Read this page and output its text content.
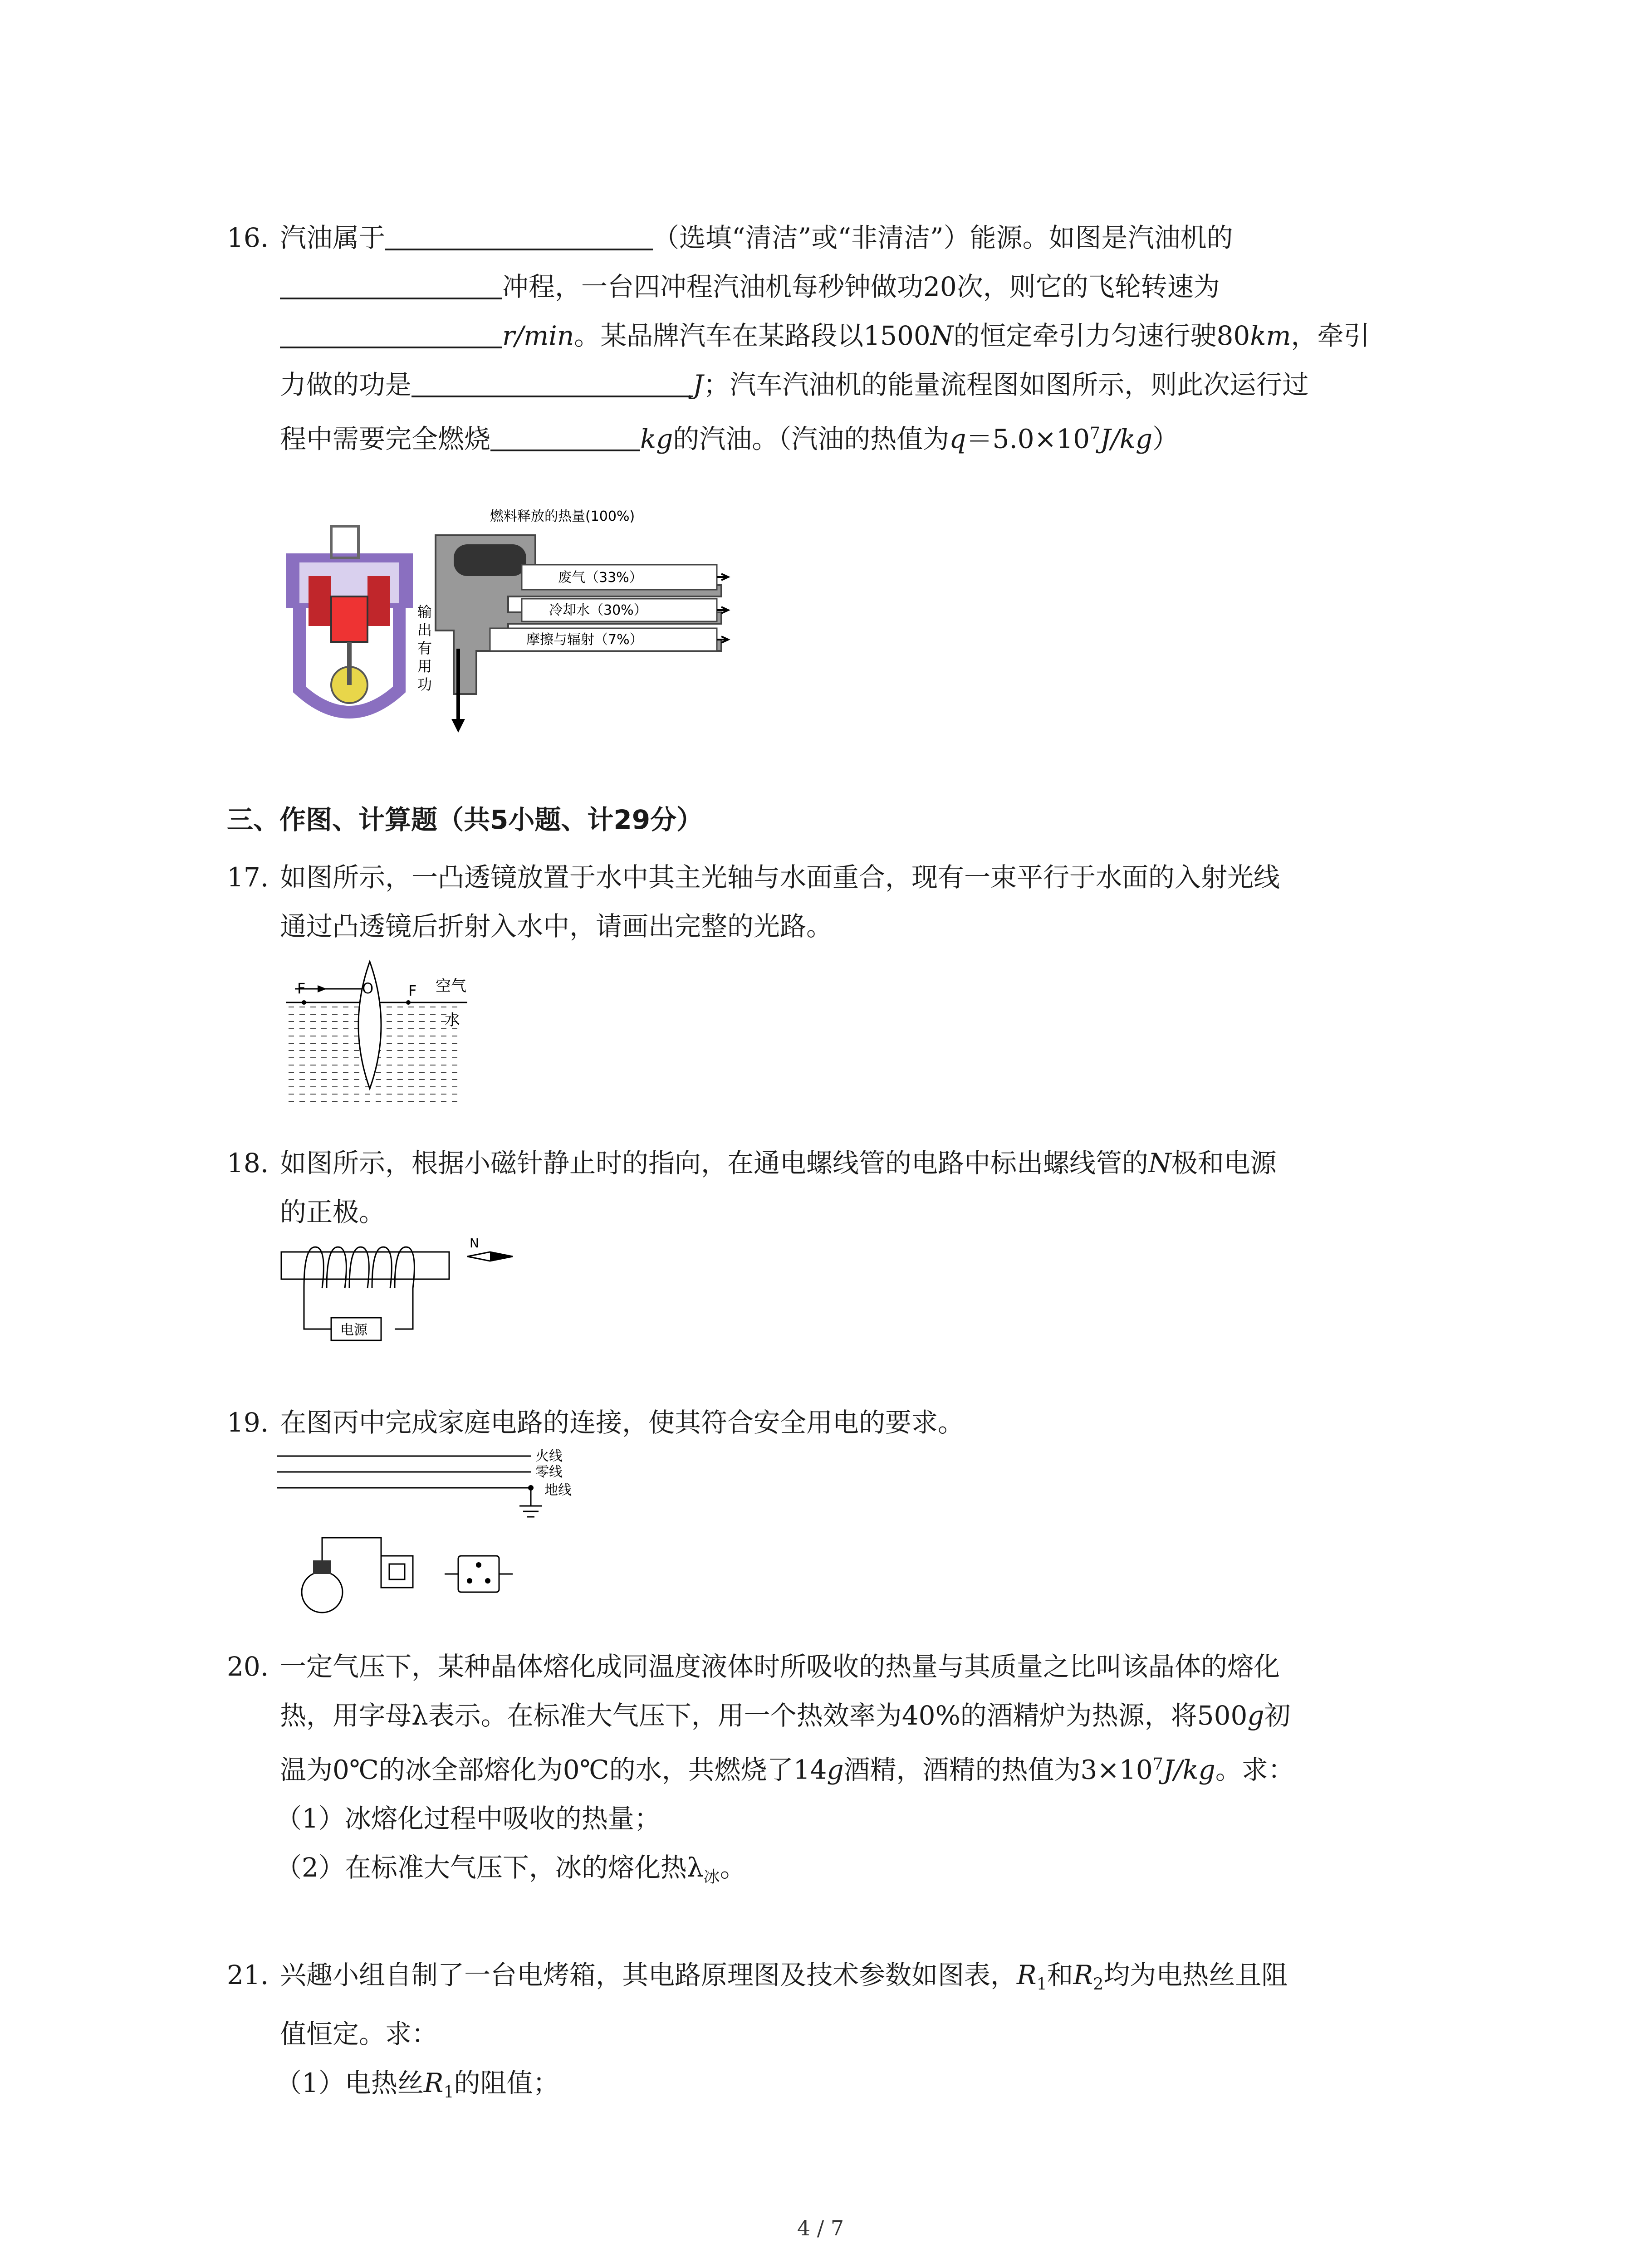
16. 汽油属于	（选填“清洁”或“非清洁”）能源。如图是汽油机的
冲程，一台四冲程汽油机每秒钟做功20次，则它的飞轮转速为
r/min。某品牌汽车在某路段以1500N的恒定牵引力匀速行驶80km，牵引
力做的功是	J；汽车汽油机的能量流程图如图所示，则此次运行过
程中需要完全燃烧	kg的汽油。（汽油的热值为$q=5.0\times 10^7J/kg$）
燃料释放的热量(100%)
废气（33%）
冷却水（30%）
摩擦与辐射（7%）
输
出
有
用
功
三、作图、计算题（共5小题、计29分）
17. 如图所示，一凸透镜放置于水中其主光轴与水面重合，现有一束平行于水面的入射光线
通过凸透镜后折射入水中，请画出完整的光路。
F	O F 空气
水
18. 如图所示，根据小磁针静止时的指向，在通电螺线管的电路中标出螺线管的N极和电源
的正极。
电源
N
19. 在图丙中完成家庭电路的连接，使其符合安全用电的要求。
火线
零线
地线
20. 一定气压下，某种晶体熔化成同温度液体时所吸收的热量与其质量之比叫该晶体的熔化
热，用字母λ表示。在标准大气压下，用一个热效率为40%的酒精炉为热源，将500g初
温为0℃的冰全部熔化为0℃的水，共燃烧了14g酒精，酒精的热值为$3\times 10^7J/kg$。求：
（1）冰熔化过程中吸收的热量；
（2）在标准大气压下，冰的熔化热$\lambda_冰$。
21. 兴趣小组自制了一台电烤箱，其电路原理图及技术参数如图表，$R_1$和$R_2$均为电热丝且阻
值恒定。求：
（1）电热丝$R_1$的阻值；
4 / 7
